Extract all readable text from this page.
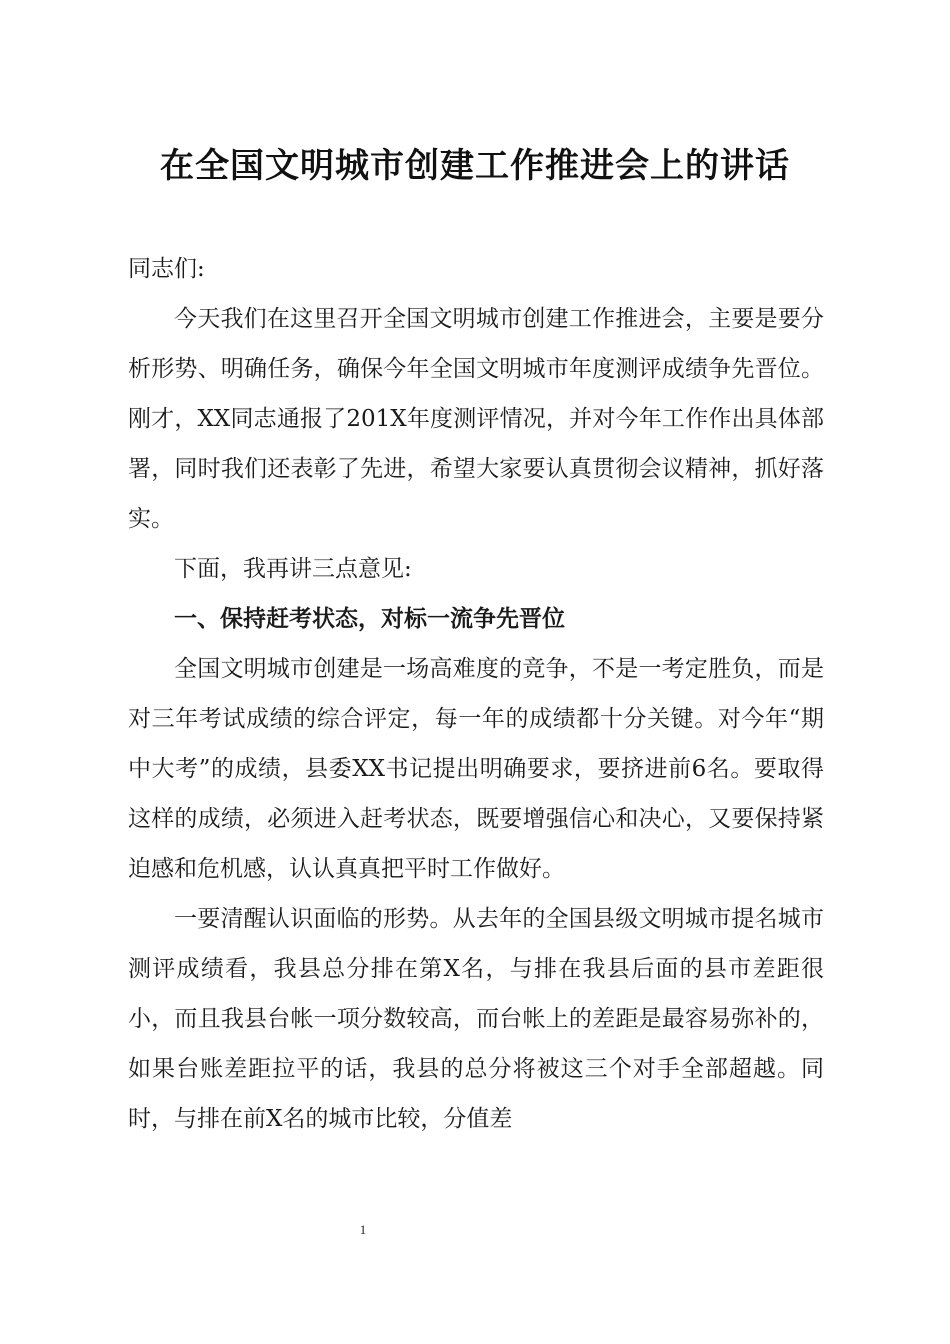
在全国文明城市创建工作推进会上的讲话

同志们:

今天我们在这里召开全国文明城市创建工作推进会，主要是要分析形势、明确任务，确保今年全国文明城市年度测评成绩争先晋位。刚才，XX同志通报了201X年度测评情况，并对今年工作作出具体部署，同时我们还表彰了先进，希望大家要认真贯彻会议精神，抓好落实。

下面，我再讲三点意见:

一、保持赶考状态，对标一流争先晋位

全国文明城市创建是一场高难度的竞争，不是一考定胜负，而是对三年考试成绩的综合评定，每一年的成绩都十分关键。对今年“期中大考”的成绩，县委XX书记提出明确要求，要挤进前6名。要取得这样的成绩，必须进入赶考状态，既要增强信心和决心，又要保持紧迫感和危机感，认认真真把平时工作做好。

一要清醒认识面临的形势。从去年的全国县级文明城市提名城市测评成绩看，我县总分排在第X名，与排在我县后面的县市差距很小，而且我县台帐一项分数较高，而台帐上的差距是最容易弥补的，如果台账差距拉平的话，我县的总分将被这三个对手全部超越。同时，与排在前X名的城市比较，分值差

1
